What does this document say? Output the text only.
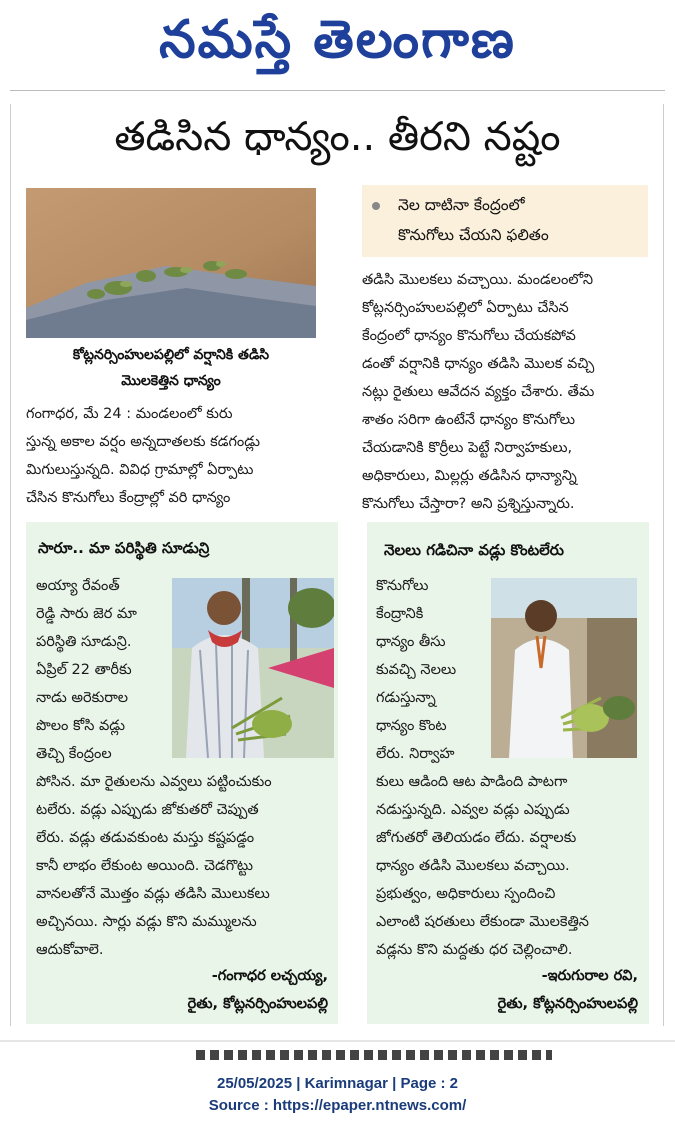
నమస్తే తెలంగాణ
తడిసిన ధాన్యం.. తీరని నష్టం
కోట్లనర్సింహులపల్లిలో వర్షానికి తడిసి
మొలకెత్తిన ధాన్యం
గంగాధర, మే 24 : మండలంలో కురు
స్తున్న అకాల వర్షం అన్నదాతలకు కడగండ్లు
మిగులుస్తున్నది. వివిధ గ్రామాల్లో ఏర్పాటు
చేసిన కొనుగోలు కేంద్రాల్లో వరి ధాన్యం
నెల దాటినా కేంద్రంలో
కొనుగోలు చేయని ఫలితం
తడిసి మొలకలు వచ్చాయి. మండలంలోని
కోట్లనర్సింహులపల్లిలో ఏర్పాటు చేసిన
కేంద్రంలో ధాన్యం కొనుగోలు చేయకపోవ
డంతో వర్షానికి ధాన్యం తడిసి మొలక వచ్చి
నట్లు రైతులు ఆవేదన వ్యక్తం చేశారు. తేమ
శాతం సరిగా ఉంటేనే ధాన్యం కొనుగోలు
చేయడానికి కొర్రీలు పెట్టే నిర్వాహకులు,
అధికారులు, మిల్లర్లు తడిసిన ధాన్యాన్ని
కొనుగోలు చేస్తారా? అని ప్రశ్నిస్తున్నారు.
సారూ.. మా పరిస్థితి సూడున్రి
అయ్యా రేవంత్
రెడ్డి సారు జెర మా
పరిస్థితి సూడున్రి.
ఏప్రిల్ 22 తారీకు
నాడు అరెకురాల
పొలం కోసి వడ్లు
తెచ్చి కేంద్రంల
పోసిన. మా రైతులను ఎవ్వలు పట్టించుకుం
టలేరు. వడ్లు ఎప్పుడు జోకుతరో చెప్పుత
లేరు. వడ్లు తడువకుంట మస్తు కష్టపడ్డం
కానీ లాభం లేకుంట అయింది. చెడగొట్టు
వానలతోనే మొత్తం వడ్లు తడిసి మొలుకలు
అచ్చినయి. సార్లు వడ్లు కొని మమ్ములను
ఆదుకోవాలె.
-గంగాధర లచ్చయ్య,
రైతు, కోట్లనర్సింహులపల్లి
నెలలు గడిచినా వడ్లు కొంటలేరు
కొనుగోలు
కేంద్రానికి
ధాన్యం తీసు
కువచ్చి నెలలు
గడుస్తున్నా
ధాన్యం కొంట
లేరు. నిర్వాహ
కులు ఆడింది ఆట పాడింది పాటగా
నడుస్తున్నది. ఎవ్వల వడ్లు ఎప్పుడు
జోగుతరో తెలియడం లేదు. వర్షాలకు
ధాన్యం తడిసి మొలకలు వచ్చాయి.
ప్రభుత్వం, అధికారులు స్పందించి
ఎలాంటి షరతులు లేకుండా మొలకెత్తిన
వడ్లను కొని మద్దతు ధర చెల్లించాలి.
-ఇరుగురాల రవి,
రైతు, కోట్లనర్సింహులపల్లి
25/05/2025 | Karimnagar | Page : 2
Source : https://epaper.ntnews.com/
